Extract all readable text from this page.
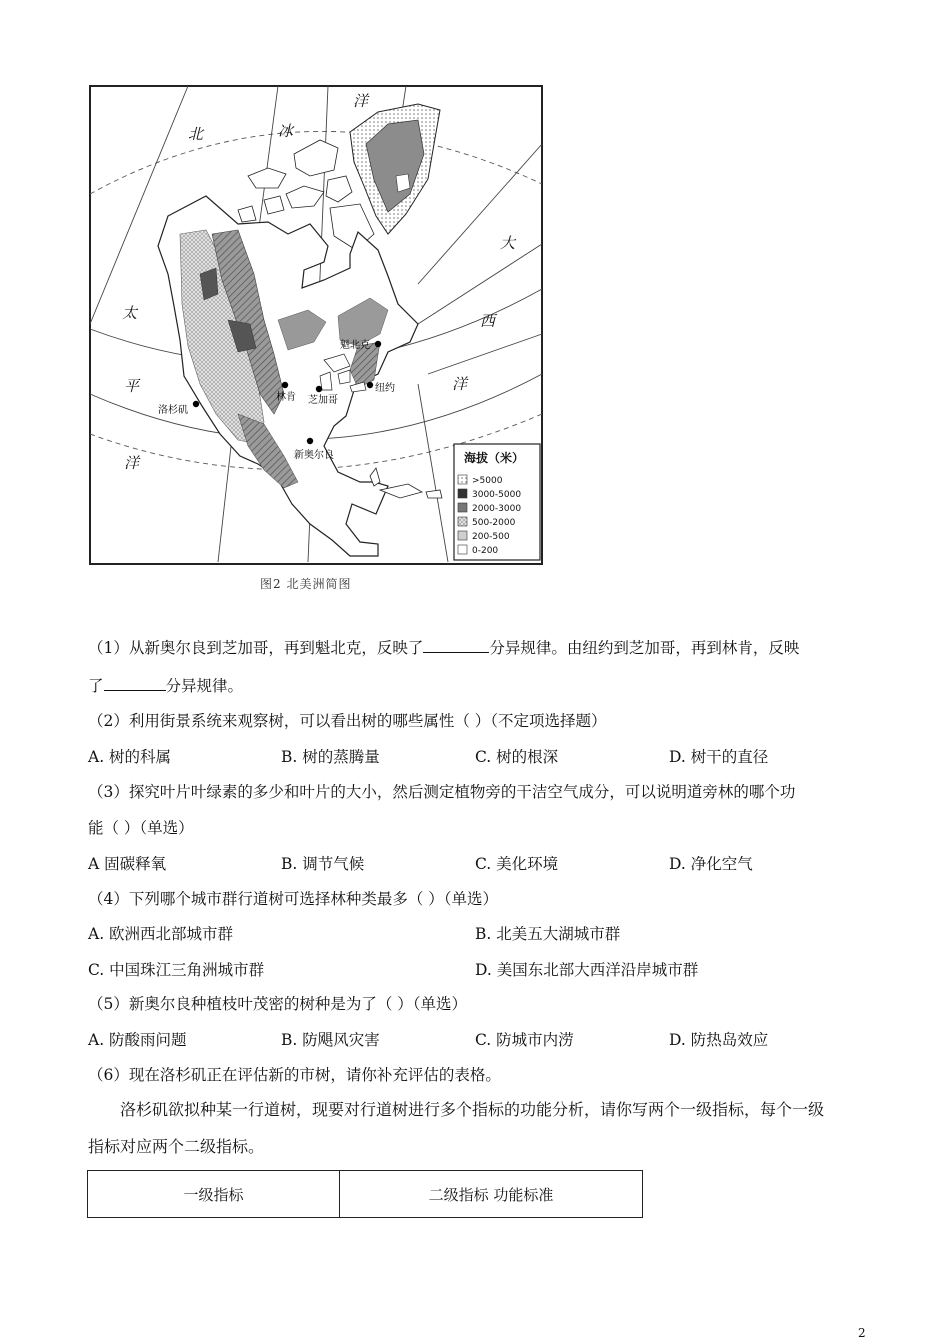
北	冰
洋
大
西
洋
太
平
洋
魁北克
林肯 芝加哥
纽约
洛杉矶
新奥尔良	海拔（米）
>5000
3000-5000
2000-3000
500-2000
200-500
0-200
图2 北美洲简图
（1）从新奥尔良到芝加哥，再到魁北克，反映了	分异规律。由纽约到芝加哥，再到林肯，反映
了	分异规律。
（2）利用街景系统来观察树，可以看出树的哪些属性（ ）（不定项选择题）
A. 树的科属	B. 树的蒸腾量	C. 树的根深	D. 树干的直径
（3）探究叶片叶绿素的多少和叶片的大小，然后测定植物旁的干洁空气成分，可以说明道旁林的哪个功
能（ ）（单选）
A 固碳释氧	B. 调节气候	C. 美化环境	D. 净化空气
（4）下列哪个城市群行道树可选择林种类最多（ ）（单选）
A. 欧洲西北部城市群	B. 北美五大湖城市群
C. 中国珠江三角洲城市群	D. 美国东北部大西洋沿岸城市群
（5）新奥尔良种植枝叶茂密的树种是为了（ ）（单选）
A. 防酸雨问题	B. 防飓风灾害	C. 防城市内涝	D. 防热岛效应
（6）现在洛杉矶正在评估新的市树，请你补充评估的表格。
洛杉矶欲拟种某一行道树，现要对行道树进行多个指标的功能分析，请你写两个一级指标，每个一级
指标对应两个二级指标。
一级指标	二级指标 功能标准
2
